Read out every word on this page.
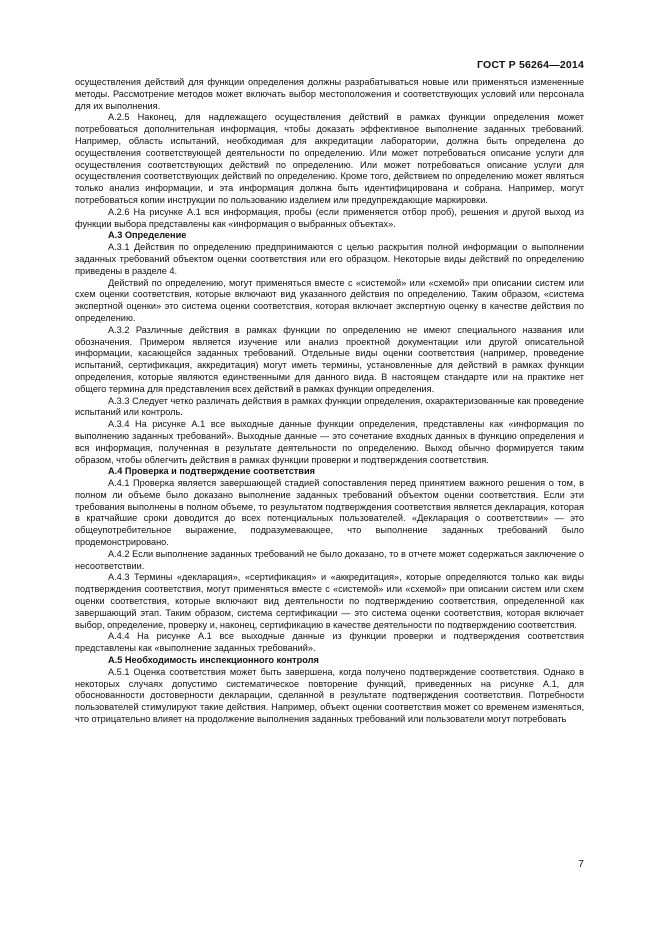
ГОСТ Р 56264—2014

осуществления действий для функции определения должны разрабатываться новые или применяться измененные методы. Рассмотрение методов может включать выбор местоположения и соответствующих условий или персонала для их выполнения.

А.2.5 Наконец, для надлежащего осуществления действий в рамках функции определения может потребоваться дополнительная информация, чтобы доказать эффективное выполнение заданных требований. Например, область испытаний, необходимая для аккредитации лаборатории, должна быть определена до осуществления соответствующей деятельности по определению. Или может потребоваться описание услуги для осуществления соответствующих действий по определению. Или может потребоваться описание услуги для осуществления соответствующих действий по определению. Кроме того, действием по определению может являться только анализ информации, и эта информация должна быть идентифицирована и собрана. Например, могут потребоваться копии инструкции по пользованию изделием или предупреждающие маркировки.

А.2.6 На рисунке А.1 вся информация, пробы (если применяется отбор проб), решения и другой выход из функции выбора представлены как «информация о выбранных объектах».

А.3 Определение

А.3.1 Действия по определению предпринимаются с целью раскрытия полной информации о выполнении заданных требований объектом оценки соответствия или его образцом. Некоторые виды действий по определению приведены в разделе 4.

Действий по определению, могут применяться вместе с «системой» или «схемой» при описании систем или схем оценки соответствия, которые включают вид указанного действия по определению. Таким образом, «система экспертной оценки» это система оценки соответствия, которая включает экспертную оценку в качестве действия по определению.

А.3.2 Различные действия в рамках функции по определению не имеют специального названия или обозначения. Примером является изучение или анализ проектной документации или другой описательной информации, касающейся заданных требований. Отдельные виды оценки соответствия (например, проведение испытаний, сертификация, аккредитация) могут иметь термины, установленные для действий в рамках функции определения, которые являются единственными для данного вида. В настоящем стандарте или на практике нет общего термина для представления всех действий в рамках функции определения.

А.3.3 Следует четко различать действия в рамках функции определения, охарактеризованные как проведение испытаний или контроль.

А.3.4 На рисунке А.1 все выходные данные функции определения, представлены как «информация по выполнению заданных требований». Выходные данные — это сочетание входных данных в функцию определения и вся информация, полученная в результате деятельности по определению. Выход обычно формируется таким образом, чтобы облегчить действия в рамках функции проверки и подтверждения соответствия.

А.4 Проверка и подтверждение соответствия

А.4.1 Проверка является завершающей стадией сопоставления перед принятием важного решения о том, в полном ли объеме было доказано выполнение заданных требований объектом оценки соответствия. Если эти требования выполнены в полном объеме, то результатом подтверждения соответствия является декларация, которая в кратчайшие сроки доводится до всех потенциальных пользователей. «Декларация о соответствии» — это общеупотребительное выражение, подразумевающее, что выполнение заданных требований было продемонстрировано.

А.4.2 Если выполнение заданных требований не было доказано, то в отчете может содержаться заключение о несоответствии.

А.4.3 Термины «декларация», «сертификация» и «аккредитация», которые определяются только как виды подтверждения соответствия, могут применяться вместе с «системой» или «схемой» при описании систем или схем оценки соответствия, которые включают вид деятельности по подтверждению соответствия, определенной как завершающий этап. Таким образом, система сертификации — это система оценки соответствия, которая включает выбор, определение, проверку и, наконец, сертификацию в качестве деятельности по подтверждению соответствия.

А.4.4 На рисунке А.1 все выходные данные из функции проверки и подтверждения соответствия представлены как «выполнение заданных требований».

А.5 Необходимость инспекционного контроля

А.5.1 Оценка соответствия может быть завершена, когда получено подтверждение соответствия. Однако в некоторых случаях допустимо систематическое повторение функций, приведенных на рисунке А.1, для обоснованности достоверности декларации, сделанной в результате подтверждения соответствия. Потребности пользователей стимулируют такие действия. Например, объект оценки соответствия может со временем изменяться, что отрицательно влияет на продолжение выполнения заданных требований или пользователи могут потребовать

7
